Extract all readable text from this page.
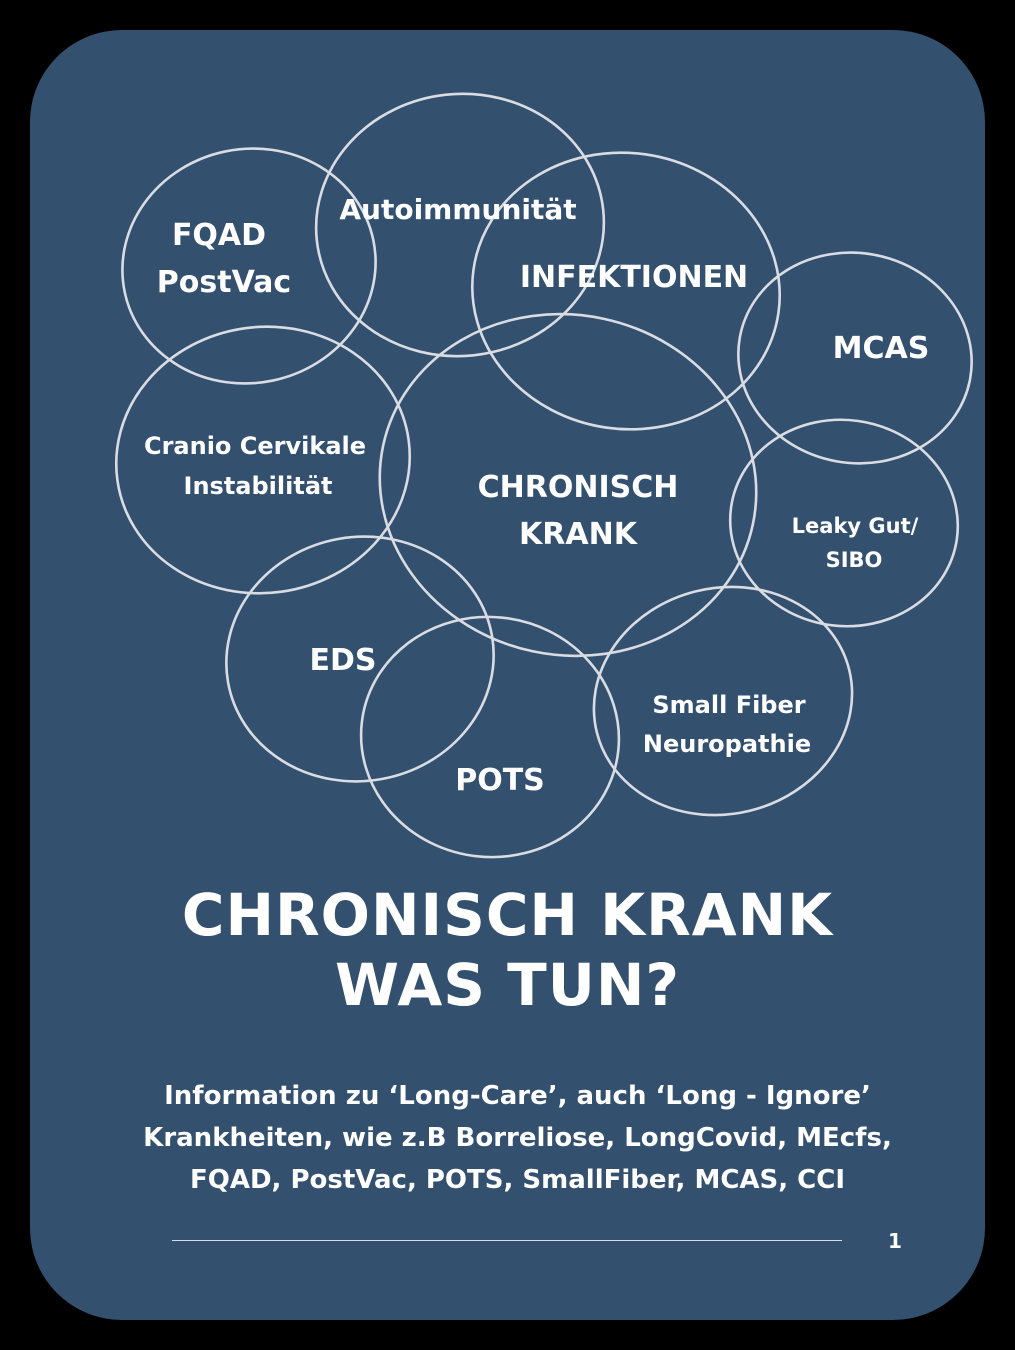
FQAD
PostVac
Autoimmunität
INFEKTIONEN
MCAS
Cranio Cervikale
Instabilität	CHRONISCH
KRANK	Leaky Gut/
SIBO
EDS
POTS
Small Fiber
Neuropathie
CHRONISCH KRANK
WAS TUN?

Information zu ‘Long-Care’, auch ‘Long - Ignore’
Krankheiten, wie z.B Borreliose, LongCovid, MEcfs,
FQAD, PostVac, POTS, SmallFiber, MCAS, CCI

1
